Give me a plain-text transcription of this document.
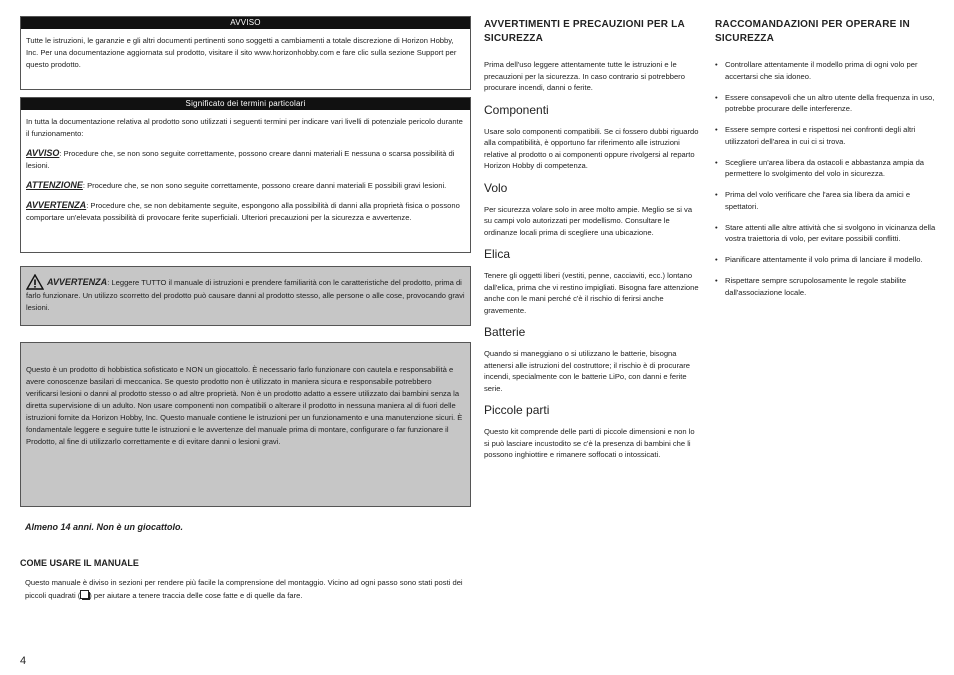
AVVISO

Tutte le istruzioni, le garanzie e gli altri documenti pertinenti sono soggetti a cambiamenti a totale discrezione di Horizon Hobby, Inc. Per una documentazione aggiornata sul prodotto, visitare il sito www.horizonhobby.com e fare clic sulla sezione Support per questo prodotto.

Significato dei termini particolari

In tutta la documentazione relativa al prodotto sono utilizzati i seguenti termini per indicare vari livelli di potenziale pericolo durante il funzionamento:

AVVISO: Procedure che, se non sono seguite correttamente, possono creare danni materiali E nessuna o scarsa possibilità di lesioni.

ATTENZIONE: Procedure che, se non sono seguite correttamente, possono creare danni materiali E possibili gravi lesioni.

AVVERTENZA: Procedure che, se non debitamente seguite, espongono alla possibilità di danni alla proprietà fisica o possono comportare un'elevata possibilità di provocare ferite superficiali. Ulteriori precauzioni per la sicurezza e avvertenze.

AVVERTENZA: Leggere TUTTO il manuale di istruzioni e prendere familiarità con le caratteristiche del prodotto, prima di farlo funzionare. Un utilizzo scorretto del prodotto può causare danni al prodotto stesso, alle persone o alle cose, provocando gravi lesioni.

Questo è un prodotto di hobbistica sofisticato e NON un giocattolo. È necessario farlo funzionare con cautela e responsabilità e avere conoscenze basilari di meccanica. Se questo prodotto non è utilizzato in maniera sicura e responsabile potrebbero verificarsi lesioni o danni al prodotto stesso o ad altre proprietà. Non è un prodotto adatto a essere utilizzato dai bambini senza la diretta supervisione di un adulto. Non usare componenti non compatibili o alterare il prodotto in nessuna maniera al di fuori delle istruzioni fornite da Horizon Hobby, Inc. Questo manuale contiene le istruzioni per un funzionamento e una manutenzione sicuri. È fondamentale leggere e seguire tutte le istruzioni e le avvertenze del manuale prima di montare, configurare o far funzionare il Prodotto, al fine di utilizzarlo correttamente e di evitare danni o lesioni gravi.

Almeno 14 anni. Non è un giocattolo.
COME USARE IL MANUALE
Questo manuale è diviso in sezioni per rendere più facile la comprensione del montaggio. Vicino ad ogni passo sono stati posti dei piccoli quadrati ( ) per aiutare a tenere traccia delle cose fatte e di quelle da fare.
4
AVVERTIMENTI E PRECAUZIONI PER LA SICUREZZA

Prima dell'uso leggere attentamente tutte le istruzioni e le precauzioni per la sicurezza. In caso contrario si potrebbero procurare incendi, danni o ferite.

Componenti

Usare solo componenti compatibili. Se ci fossero dubbi riguardo alla compatibilità, è opportuno far riferimento alle istruzioni relative al prodotto o ai componenti oppure rivolgersi al reparto Horizon Hobby di competenza.

Volo

Per sicurezza volare solo in aree molto ampie. Meglio se si va su campi volo autorizzati per modellismo. Consultare le ordinanze locali prima di scegliere una ubicazione.

Elica

Tenere gli oggetti liberi (vestiti, penne, cacciaviti, ecc.) lontano dall'elica, prima che vi restino impigliati. Bisogna fare attenzione anche con le mani perché c'è il rischio di ferirsi anche gravemente.

Batterie

Quando si maneggiano o si utilizzano le batterie, bisogna attenersi alle istruzioni del costruttore; il rischio è di procurare incendi, specialmente con le batterie LiPo, con danni e ferite serie.

Piccole parti

Questo kit comprende delle parti di piccole dimensioni e non lo si può lasciare incustodito se c'è la presenza di bambini che li possono inghiottire e rimanere soffocati o intossicati.

RACCOMANDAZIONI PER OPERARE IN SICUREZZA
• Controllare attentamente il modello prima di ogni volo per accertarsi che sia idoneo.
• Essere consapevoli che un altro utente della frequenza in uso, potrebbe procurare delle interferenze.
• Essere sempre cortesi e rispettosi nei confronti degli altri utilizzatori dell'area in cui ci si trova.
• Scegliere un'area libera da ostacoli e abbastanza ampia da permettere lo svolgimento del volo in sicurezza.
• Prima del volo verificare che l'area sia libera da amici e spettatori.
• Stare attenti alle altre attività che si svolgono in vicinanza della vostra traiettoria di volo, per evitare possibili conflitti.
• Pianificare attentamente il volo prima di lanciare il modello.
• Rispettare sempre scrupolosamente le regole stabilite dall'associazione locale.
